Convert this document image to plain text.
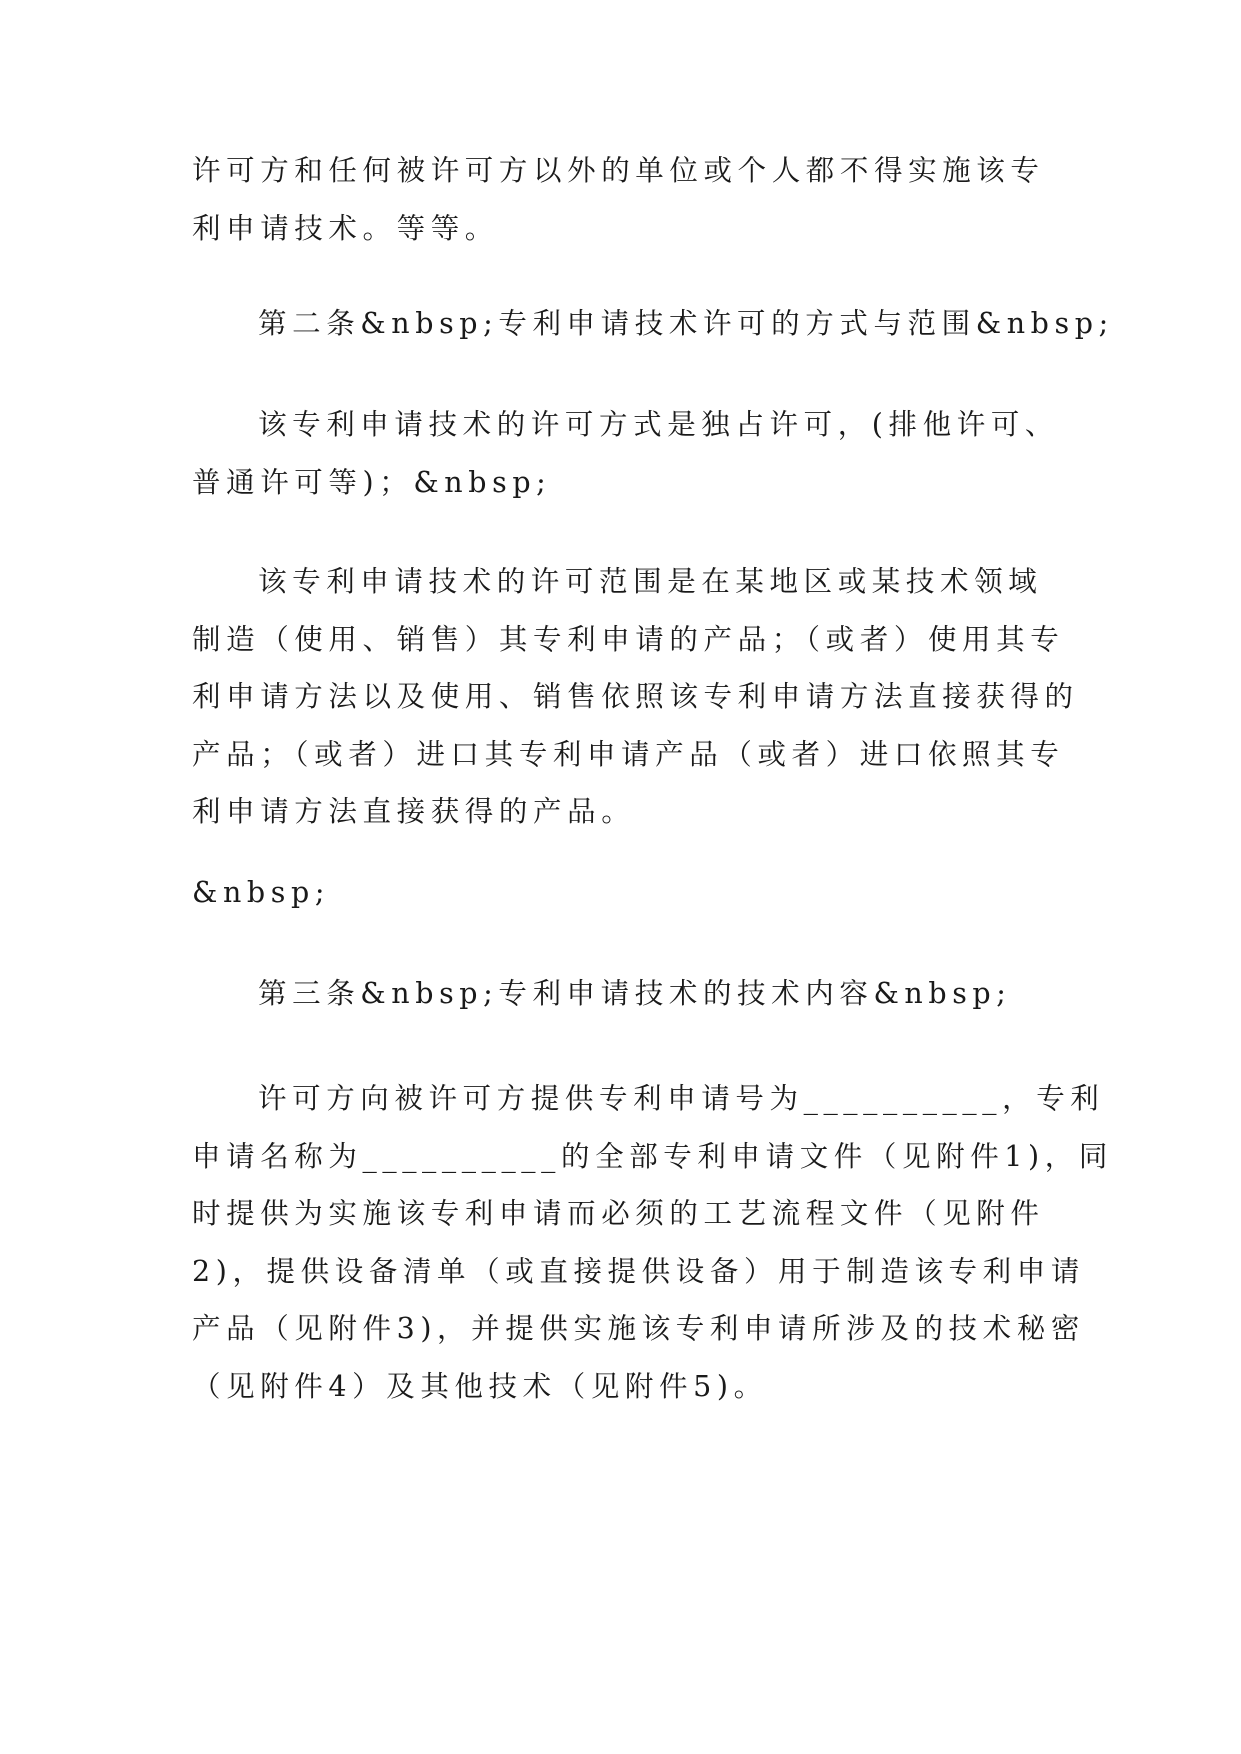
许可方和任何被许可方以外的单位或个人都不得实施该专
利申请技术。等等。
第二条&nbsp;专利申请技术许可的方式与范围&nbsp;
该专利申请技术的许可方式是独占许可，(排他许可、
普通许可等)；&nbsp;
该专利申请技术的许可范围是在某地区或某技术领域
制造（使用、销售）其专利申请的产品；（或者）使用其专
利申请方法以及使用、销售依照该专利申请方法直接获得的
产品；（或者）进口其专利申请产品（或者）进口依照其专
利申请方法直接获得的产品。
&nbsp;
第三条&nbsp;专利申请技术的技术内容&nbsp;
许可方向被许可方提供专利申请号为__________，专利
申请名称为__________的全部专利申请文件（见附件1)，同
时提供为实施该专利申请而必须的工艺流程文件（见附件
2)，提供设备清单（或直接提供设备）用于制造该专利申请
产品（见附件3)，并提供实施该专利申请所涉及的技术秘密
（见附件4）及其他技术（见附件5)。
